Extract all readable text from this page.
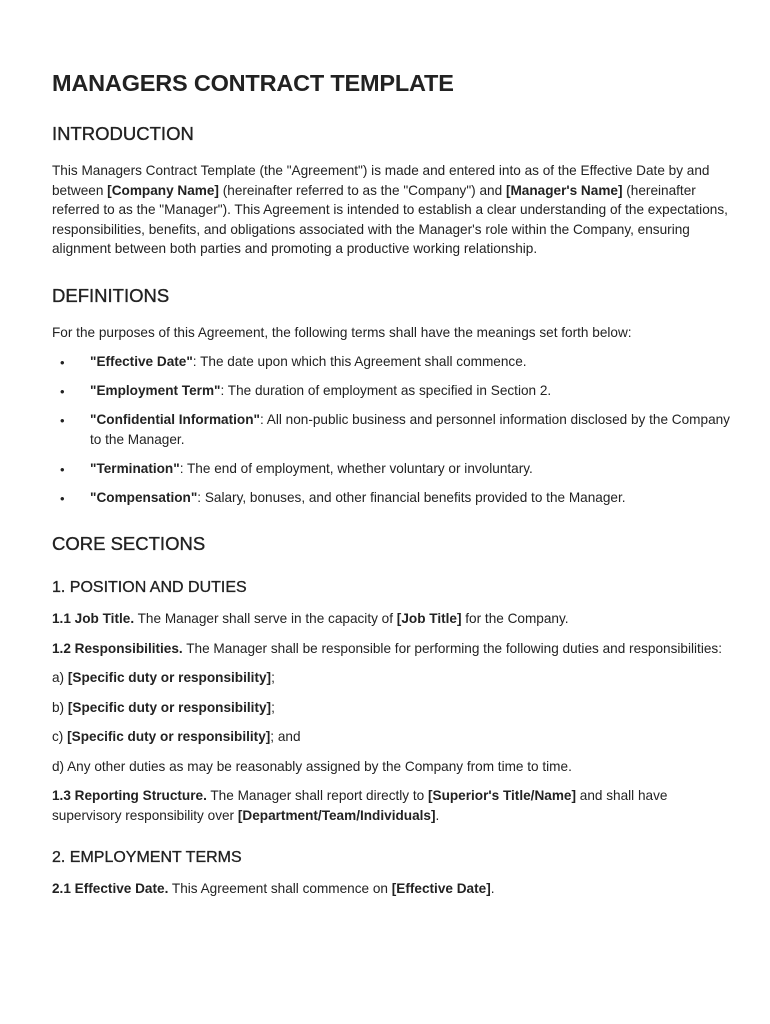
MANAGERS CONTRACT TEMPLATE
INTRODUCTION

This Managers Contract Template (the "Agreement") is made and entered into as of the Effective Date by and between [Company Name] (hereinafter referred to as the "Company") and [Manager's Name] (hereinafter referred to as the "Manager"). This Agreement is intended to establish a clear understanding of the expectations, responsibilities, benefits, and obligations associated with the Manager's role within the Company, ensuring alignment between both parties and promoting a productive working relationship.

DEFINITIONS

For the purposes of this Agreement, the following terms shall have the meanings set forth below:

• "Effective Date": The date upon which this Agreement shall commence.
• "Employment Term": The duration of employment as specified in Section 2.
• "Confidential Information": All non-public business and personnel information disclosed by the Company to the Manager.
• "Termination": The end of employment, whether voluntary or involuntary.
• "Compensation": Salary, bonuses, and other financial benefits provided to the Manager.
CORE SECTIONS
1. POSITION AND DUTIES

1.1 Job Title. The Manager shall serve in the capacity of [Job Title] for the Company.

1.2 Responsibilities. The Manager shall be responsible for performing the following duties and responsibilities:

a) [Specific duty or responsibility];

b) [Specific duty or responsibility];

c) [Specific duty or responsibility]; and

d) Any other duties as may be reasonably assigned by the Company from time to time.

1.3 Reporting Structure. The Manager shall report directly to [Superior's Title/Name] and shall have supervisory responsibility over [Department/Team/Individuals].

2. EMPLOYMENT TERMS

2.1 Effective Date. This Agreement shall commence on [Effective Date].
